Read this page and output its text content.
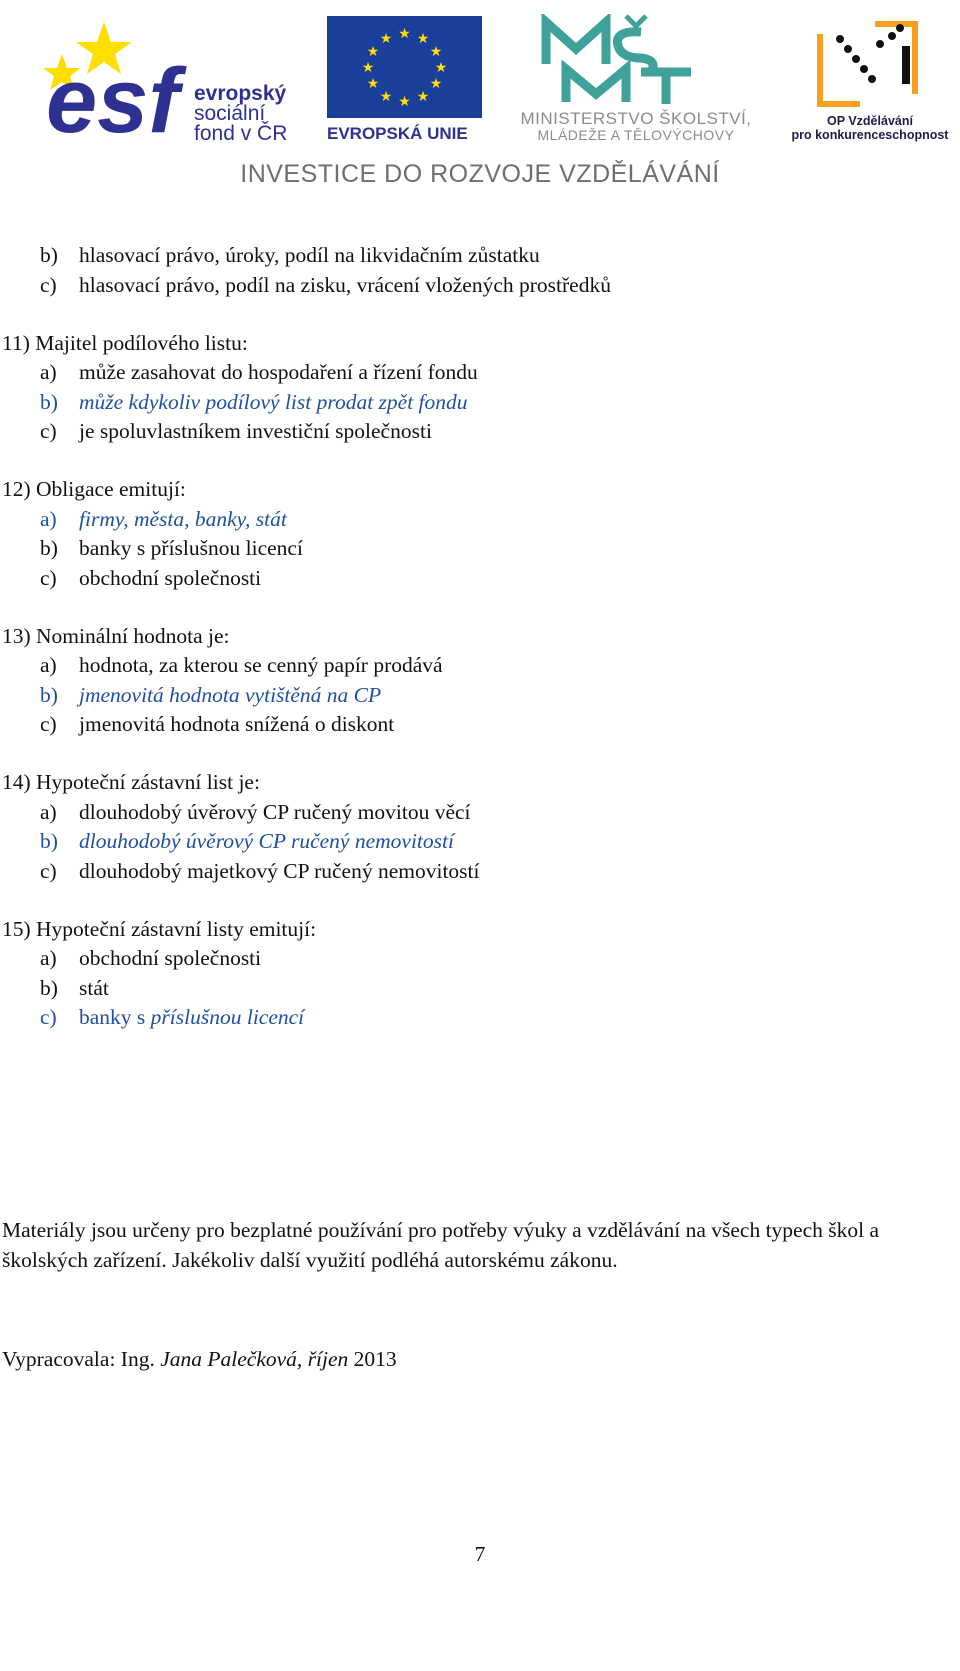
esf evropský
sociální
fond v ČR
★ ★
★
★
★
★
★
★
★
★
★
★
EVROPSKÁ UNIE
MINISTERSTVO ŠKOLSTVÍ,
MLÁDEŽE A TĚLOVÝCHOVY
OP Vzdělávání
pro konkurenceschopnost
INVESTICE DO ROZVOJE VZDĚLÁVÁNÍ
b) hlasovací právo, úroky, podíl na likvidačním zůstatku
c) hlasovací právo, podíl na zisku, vrácení vložených prostředků
11) Majitel podílového listu:
a) může zasahovat do hospodaření a řízení fondu
b) může kdykoliv podílový list prodat zpět fondu
c) je spoluvlastníkem investiční společnosti
12) Obligace emitují:
a) firmy, města, banky, stát
b) banky s příslušnou licencí
c) obchodní společnosti
13) Nominální hodnota je:
a) hodnota, za kterou se cenný papír prodává
b) jmenovitá hodnota vytištěná na CP
c) jmenovitá hodnota snížená o diskont
14) Hypoteční zástavní list je:
a) dlouhodobý úvěrový CP ručený movitou věcí
b) dlouhodobý úvěrový CP ručený nemovitostí
c) dlouhodobý majetkový CP ručený nemovitostí
15) Hypoteční zástavní listy emitují:
a) obchodní společnosti
b) stát
c) banky s příslušnou licencí
Materiály jsou určeny pro bezplatné používání pro potřeby výuky a vzdělávání na všech typech škol a školských zařízení. Jakékoliv další využití podléhá autorskému zákonu.
Vypracovala: Ing. Jana Palečková, říjen 2013
7
